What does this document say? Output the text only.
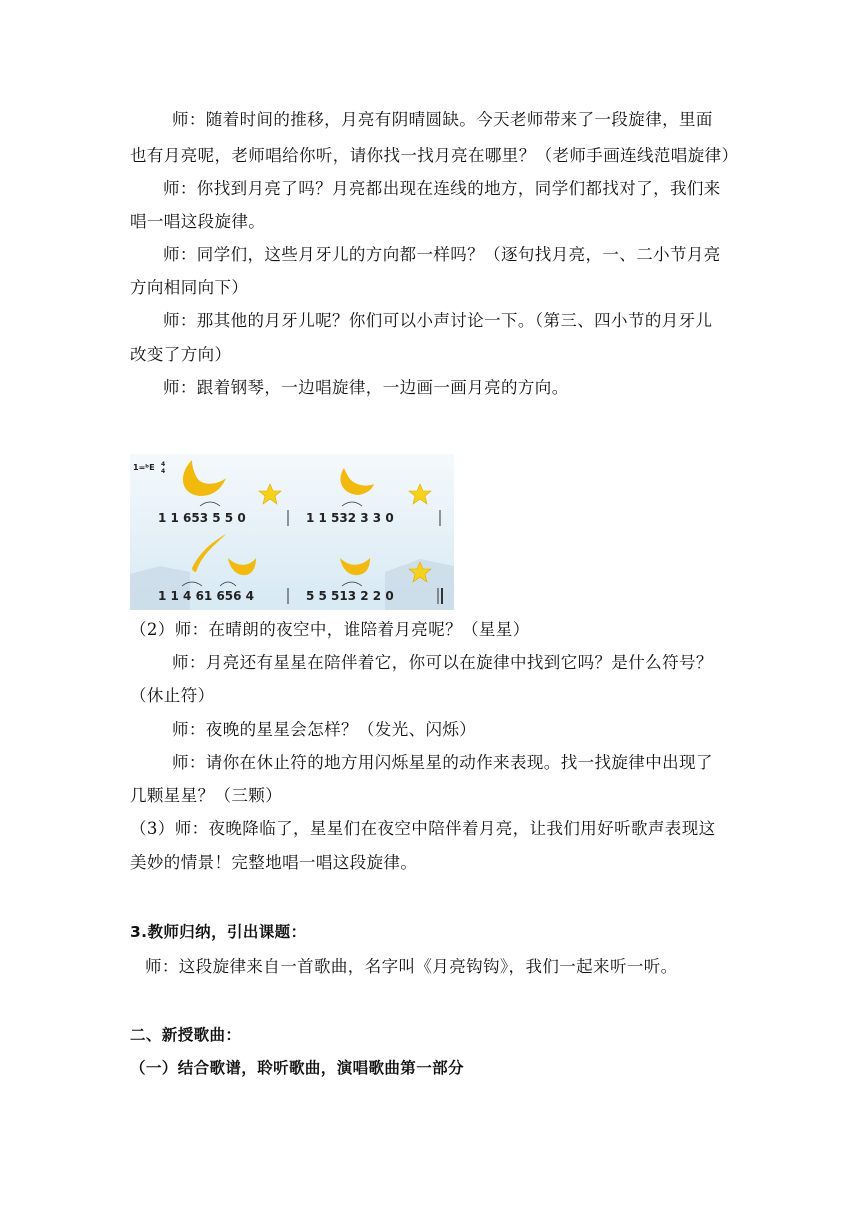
师：随着时间的推移，月亮有阴晴圆缺。今天老师带来了一段旋律，里面
也有月亮呢，老师唱给你听，请你找一找月亮在哪里？（老师手画连线范唱旋律）
师：你找到月亮了吗？月亮都出现在连线的地方，同学们都找对了，我们来
唱一唱这段旋律。
师：同学们，这些月牙儿的方向都一样吗？（逐句找月亮，一、二小节月亮
方向相同向下）
师：那其他的月牙儿呢？你们可以小声讨论一下。（第三、四小节的月牙儿
改变了方向）
师：跟着钢琴，一边唱旋律，一边画一画月亮的方向。
1=ᵇE 4
4
1 1 653 5 5 0	1 1 532 3 3 0
1 1 4 61 656 4	5 5 513 2 2 0
（2）师：在晴朗的夜空中，谁陪着月亮呢？（星星）
师：月亮还有星星在陪伴着它，你可以在旋律中找到它吗？是什么符号？
（休止符）
师：夜晚的星星会怎样？（发光、闪烁）
师：请你在休止符的地方用闪烁星星的动作来表现。找一找旋律中出现了
几颗星星？（三颗）
（3）师：夜晚降临了，星星们在夜空中陪伴着月亮，让我们用好听歌声表现这
美妙的情景！完整地唱一唱这段旋律。
3.教师归纳，引出课题：
师：这段旋律来自一首歌曲，名字叫《月亮钩钩》，我们一起来听一听。
二、新授歌曲：
（一）结合歌谱，聆听歌曲，演唱歌曲第一部分
